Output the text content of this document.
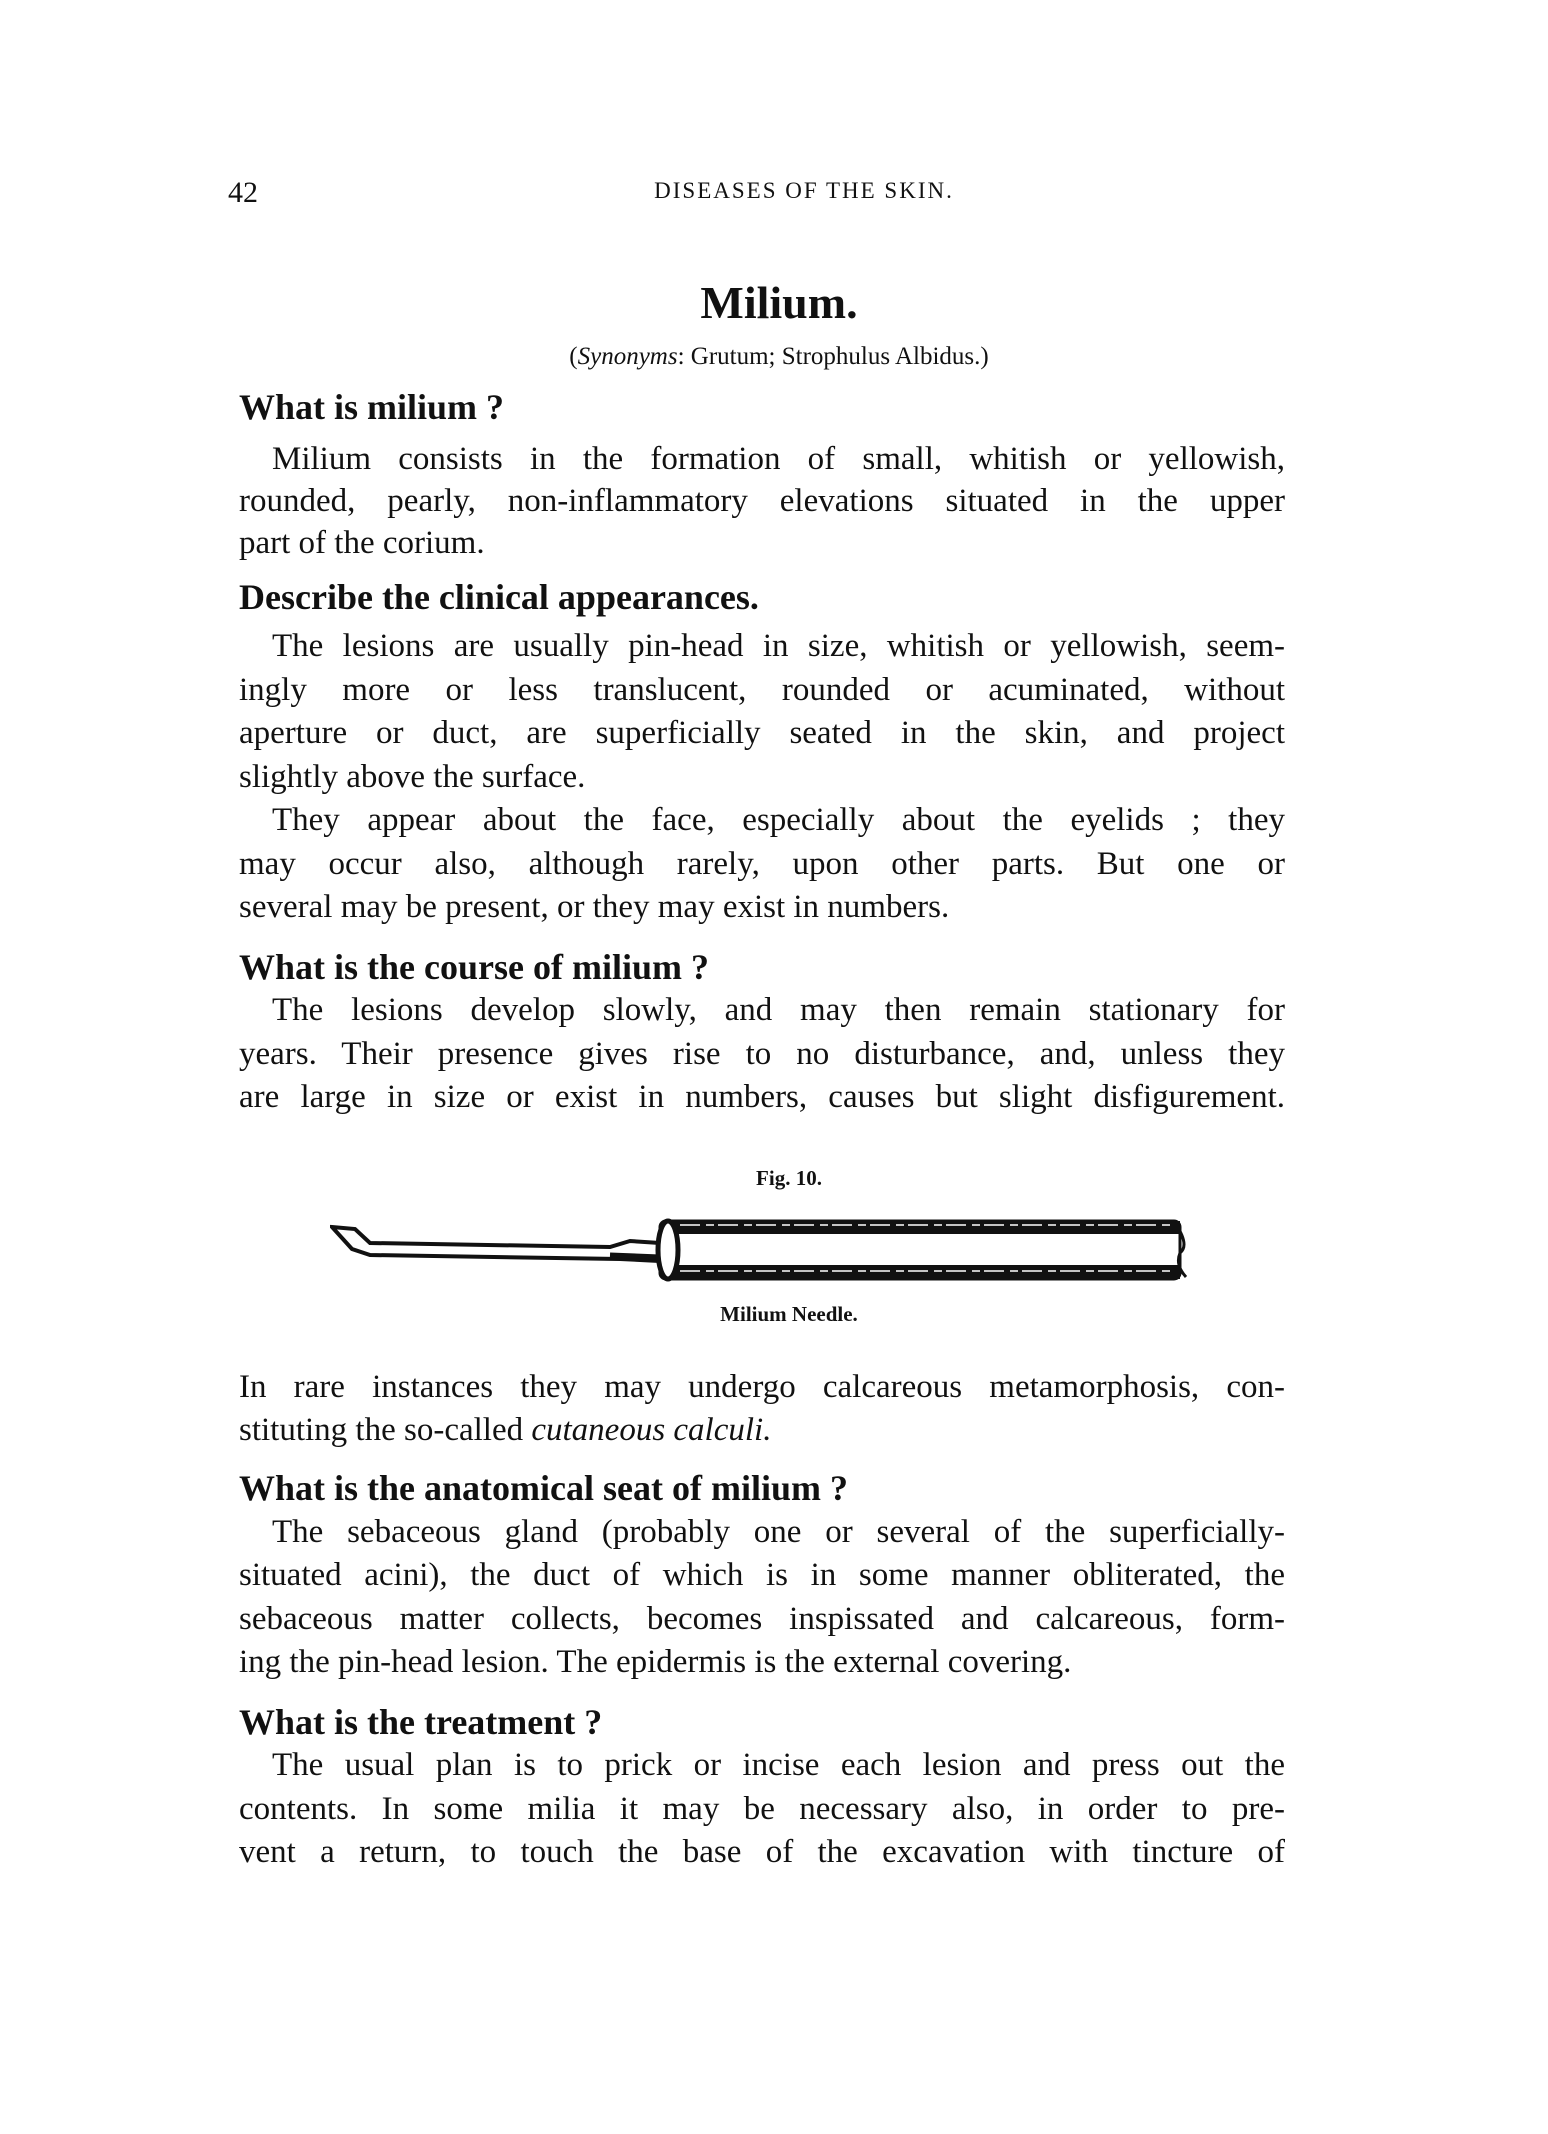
42	DISEASES OF THE SKIN.
Milium.
(Synonyms: Grutum; Strophulus Albidus.)
What is milium ?
Milium consists in the formation of small, whitish or yellowish,
rounded, pearly, non-inflammatory elevations situated in the upper
part of the corium.
Describe the clinical appearances.
The lesions are usually pin-head in size, whitish or yellowish, seem-
ingly more or less translucent, rounded or acuminated, without
aperture or duct, are superficially seated in the skin, and project
slightly above the surface.
They appear about the face, especially about the eyelids ; they
may occur also, although rarely, upon other parts. But one or
several may be present, or they may exist in numbers.
What is the course of milium ?
The lesions develop slowly, and may then remain stationary for
years. Their presence gives rise to no disturbance, and, unless they
are large in size or exist in numbers, causes but slight disfigurement.
Fig. 10.
Milium Needle.
In rare instances they may undergo calcareous metamorphosis, con-
stituting the so-called cutaneous calculi.
What is the anatomical seat of milium ?
The sebaceous gland (probably one or several of the superficially-
situated acini), the duct of which is in some manner obliterated, the
sebaceous matter collects, becomes inspissated and calcareous, form-
ing the pin-head lesion. The epidermis is the external covering.
What is the treatment ?
The usual plan is to prick or incise each lesion and press out the
contents. In some milia it may be necessary also, in order to pre-
vent a return, to touch the base of the excavation with tincture of
